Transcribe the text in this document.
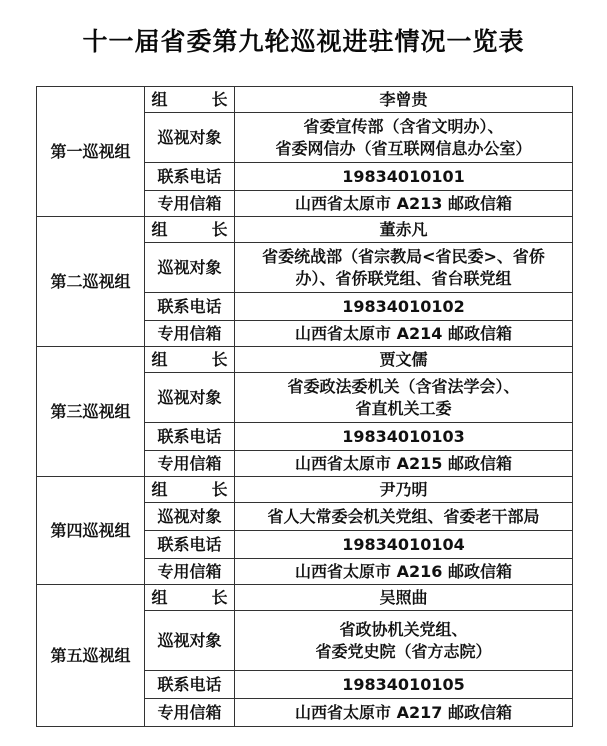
十一届省委第九轮巡视进驻情况一览表
第一巡视组	组 长	李曾贵
	巡视对象	省委宣传部（含省文明办）、
省委网信办（省互联网信息办公室）

	联系电话	19834010101
	专用信箱	山西省太原市 A213 邮政信箱
第二巡视组	组 长	董赤凡
	巡视对象	省委统战部（省宗教局<省民委>、省侨
办）、省侨联党组、省台联党组

	联系电话	19834010102
	专用信箱	山西省太原市 A214 邮政信箱
第三巡视组	组 长	贾文儒
	巡视对象	省委政法委机关（含省法学会）、
省直机关工委

	联系电话	19834010103
	专用信箱	山西省太原市 A215 邮政信箱
第四巡视组	组 长	尹乃明
	巡视对象	省人大常委会机关党组、省委老干部局
	联系电话	19834010104
	专用信箱	山西省太原市 A216 邮政信箱
第五巡视组	组 长	吴照曲
	巡视对象	省政协机关党组、
省委党史院（省方志院）

	联系电话	19834010105
	专用信箱	山西省太原市 A217 邮政信箱
